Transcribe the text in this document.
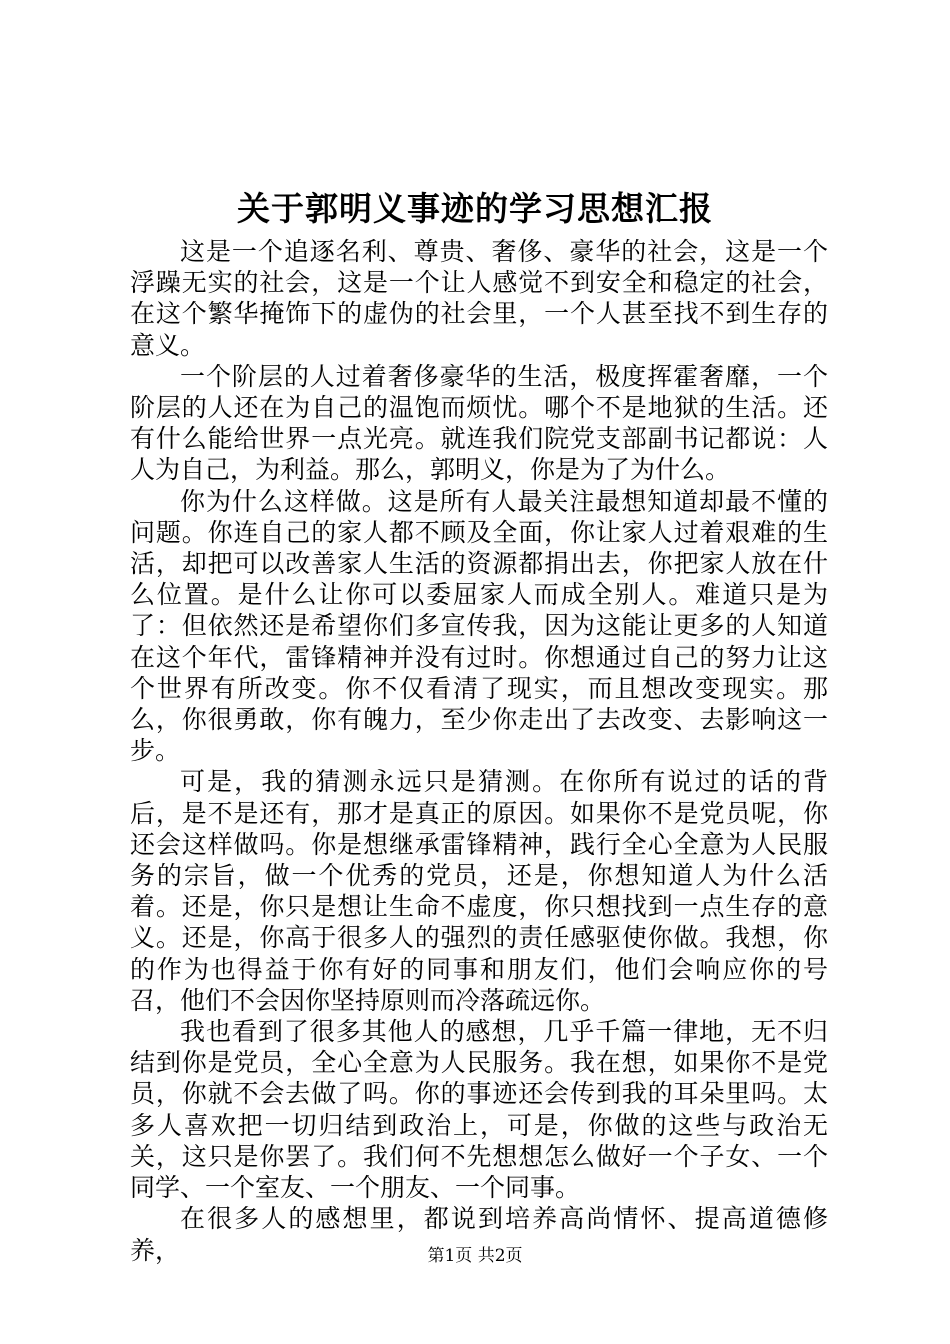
关于郭明义事迹的学习思想汇报

这是一个追逐名利、尊贵、奢侈、豪华的社会，这是一个浮躁无实的社会，这是一个让人感觉不到安全和稳定的社会，在这个繁华掩饰下的虚伪的社会里，一个人甚至找不到生存的意义。

一个阶层的人过着奢侈豪华的生活，极度挥霍奢靡，一个阶层的人还在为自己的温饱而烦忧。哪个不是地狱的生活。还有什么能给世界一点光亮。就连我们院党支部副书记都说：人人为自己，为利益。那么，郭明义，你是为了为什么。

你为什么这样做。这是所有人最关注最想知道却最不懂的问题。你连自己的家人都不顾及全面，你让家人过着艰难的生活，却把可以改善家人生活的资源都捐出去，你把家人放在什么位置。是什么让你可以委屈家人而成全别人。难道只是为了：但依然还是希望你们多宣传我，因为这能让更多的人知道在这个年代，雷锋精神并没有过时。你想通过自己的努力让这个世界有所改变。你不仅看清了现实，而且想改变现实。那么，你很勇敢，你有魄力，至少你走出了去改变、去影响这一步。

可是，我的猜测永远只是猜测。在你所有说过的话的背后，是不是还有，那才是真正的原因。如果你不是党员呢，你还会这样做吗。你是想继承雷锋精神，践行全心全意为人民服务的宗旨，做一个优秀的党员，还是，你想知道人为什么活着。还是，你只是想让生命不虚度，你只想找到一点生存的意义。还是，你高于很多人的强烈的责任感驱使你做。我想，你的作为也得益于你有好的同事和朋友们，他们会响应你的号召，他们不会因你坚持原则而冷落疏远你。

我也看到了很多其他人的感想，几乎千篇一律地，无不归结到你是党员，全心全意为人民服务。我在想，如果你不是党员，你就不会去做了吗。你的事迹还会传到我的耳朵里吗。太多人喜欢把一切归结到政治上，可是，你做的这些与政治无关，这只是你罢了。我们何不先想想怎么做好一个子女、一个同学、一个室友、一个朋友、一个同事。

在很多人的感想里，都说到培养高尚情怀、提高道德修养，	第1页 共2页
